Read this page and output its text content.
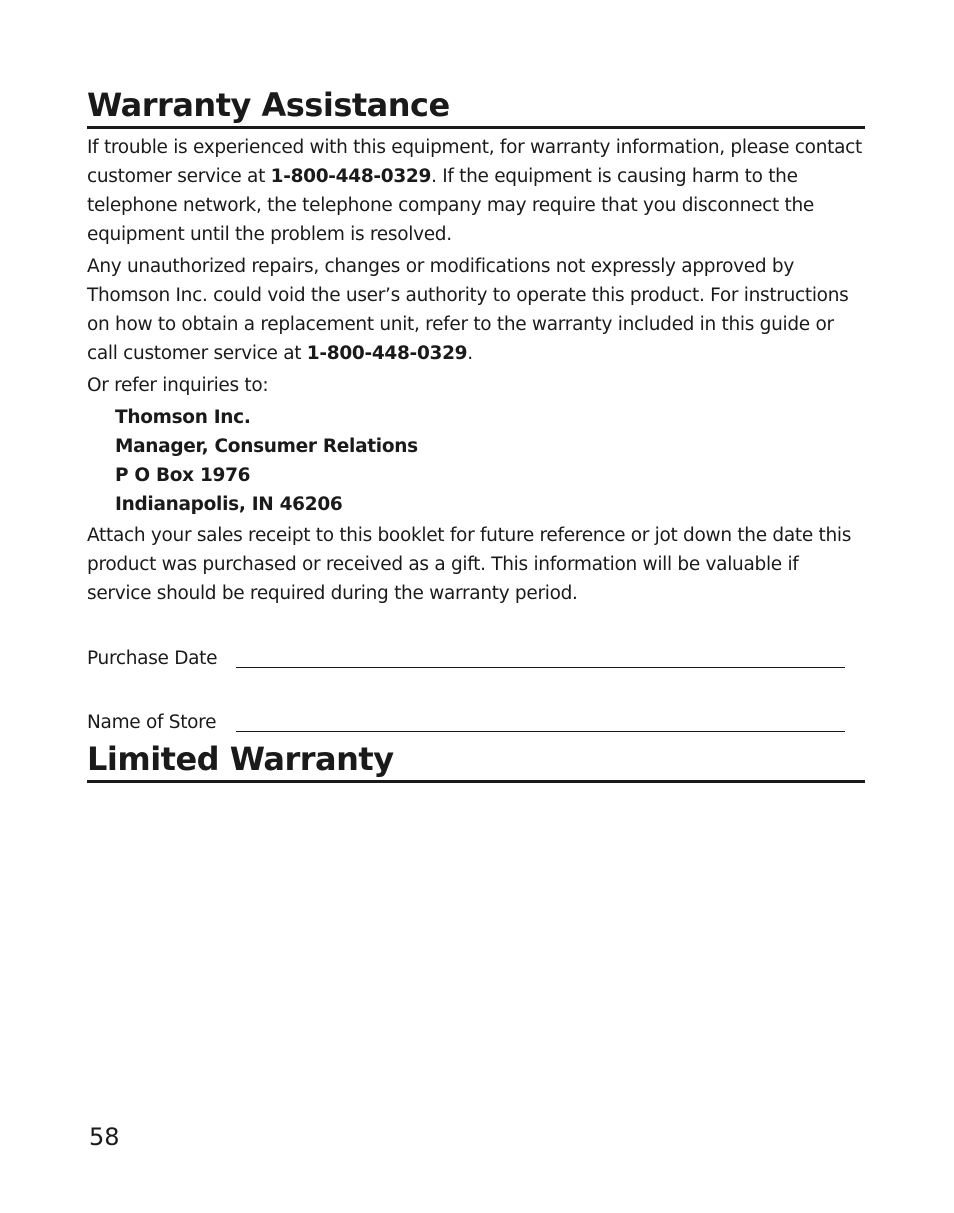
Warranty Assistance

If trouble is experienced with this equipment, for warranty information, please contact customer service at 1-800-448-0329. If the equipment is causing harm to the telephone network, the telephone company may require that you disconnect the equipment until the problem is resolved.

Any unauthorized repairs, changes or modifications not expressly approved by Thomson Inc. could void the user’s authority to operate this product. For instructions on how to obtain a replacement unit, refer to the warranty included in this guide or call customer service at 1-800-448-0329.

Or refer inquiries to:

Thomson Inc.
Manager, Consumer Relations
P O Box 1976
Indianapolis, IN 46206

Attach your sales receipt to this booklet for future reference or jot down the date this product was purchased or received as a gift. This information will be valuable if service should be required during the warranty period.

Purchase Date
Name of Store
Limited Warranty
58
